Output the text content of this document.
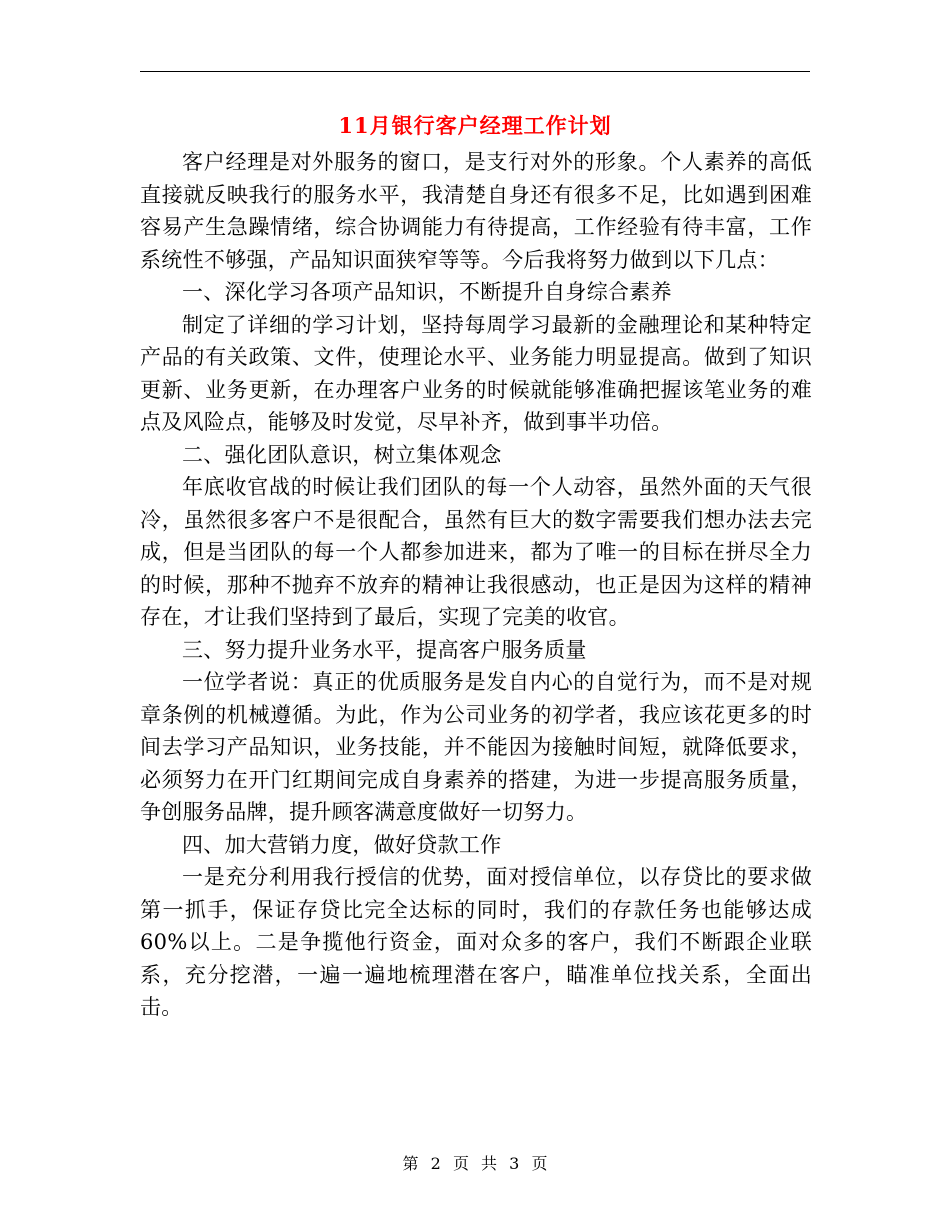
11月银行客户经理工作计划

客户经理是对外服务的窗口，是支行对外的形象。个人素养的高低直接就反映我行的服务水平，我清楚自身还有很多不足，比如遇到困难容易产生急躁情绪，综合协调能力有待提高，工作经验有待丰富，工作系统性不够强，产品知识面狭窄等等。今后我将努力做到以下几点：

一、深化学习各项产品知识，不断提升自身综合素养

制定了详细的学习计划，坚持每周学习最新的金融理论和某种特定产品的有关政策、文件，使理论水平、业务能力明显提高。做到了知识更新、业务更新，在办理客户业务的时候就能够准确把握该笔业务的难点及风险点，能够及时发觉，尽早补齐，做到事半功倍。

二、强化团队意识，树立集体观念

年底收官战的时候让我们团队的每一个人动容，虽然外面的天气很冷，虽然很多客户不是很配合，虽然有巨大的数字需要我们想办法去完成，但是当团队的每一个人都参加进来，都为了唯一的目标在拼尽全力的时候，那种不抛弃不放弃的精神让我很感动，也正是因为这样的精神存在，才让我们坚持到了最后，实现了完美的收官。

三、努力提升业务水平，提高客户服务质量

一位学者说：真正的优质服务是发自内心的自觉行为，而不是对规章条例的机械遵循。为此，作为公司业务的初学者，我应该花更多的时间去学习产品知识，业务技能，并不能因为接触时间短，就降低要求，必须努力在开门红期间完成自身素养的搭建，为进一步提高服务质量，争创服务品牌，提升顾客满意度做好一切努力。

四、加大营销力度，做好贷款工作

一是充分利用我行授信的优势，面对授信单位，以存贷比的要求做第一抓手，保证存贷比完全达标的同时，我们的存款任务也能够达成60%以上。二是争揽他行资金，面对众多的客户，我们不断跟企业联系，充分挖潜，一遍一遍地梳理潜在客户，瞄准单位找关系，全面出击。

第 2 页 共 3 页
